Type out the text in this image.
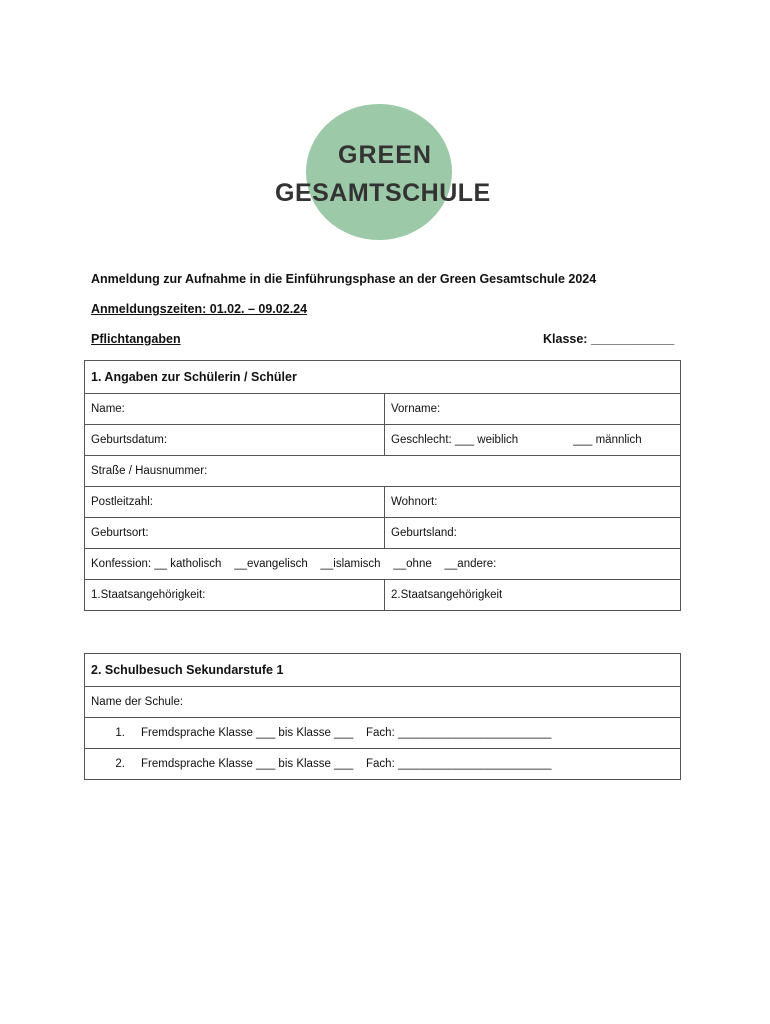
GREEN
GESAMTSCHULE
Anmeldung zur Aufnahme in die Einführungsphase an der Green Gesamtschule 2024
Anmeldungszeiten: 01.02. – 09.02.24
Pflichtangaben	Klasse: ____________
1. Angaben zur Schülerin / Schüler	
Name:	Vorname:
Geburtsdatum:	Geschlecht: ___ weiblich ___ männlich
Straße / Hausnummer:	
Postleitzahl:	Wohnort:
Geburtsort:	Geburtsland:
Konfession: __ katholisch    __evangelisch    __islamisch    __ohne    __andere:	
1.Staatsangehörigkeit:	2.Staatsangehörigkeit
2. Schulbesuch Sekundarstufe 1
Name der Schule:
1. Fremdsprache Klasse ___ bis Klasse ___    Fach: ________________________
2. Fremdsprache Klasse ___ bis Klasse ___    Fach: ________________________
